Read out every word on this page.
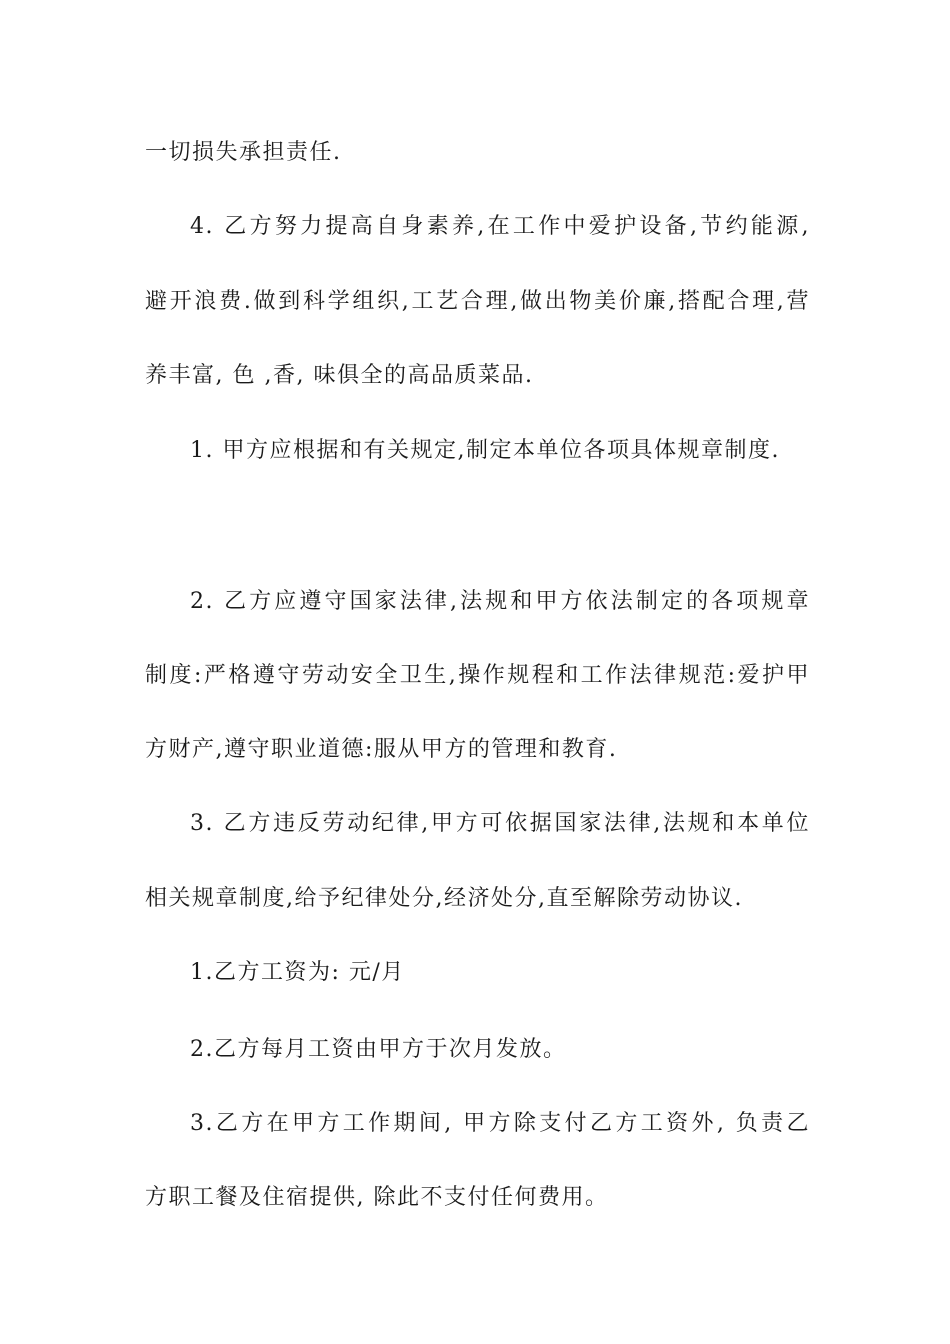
一切损失承担责任.
4. 乙方努力提高自身素养,在工作中爱护设备,节约能源,
避开浪费.做到科学组织,工艺合理,做出物美价廉,搭配合理,营
养丰富, 色 ,香, 味俱全的高品质菜品.
1. 甲方应根据和有关规定,制定本单位各项具体规章制度.
2. 乙方应遵守国家法律,法规和甲方依法制定的各项规章
制度:严格遵守劳动安全卫生,操作规程和工作法律规范:爱护甲
方财产,遵守职业道德:服从甲方的管理和教育.
3. 乙方违反劳动纪律,甲方可依据国家法律,法规和本单位
相关规章制度,给予纪律处分,经济处分,直至解除劳动协议.
1.乙方工资为: 元/月
2.乙方每月工资由甲方于次月发放。
3.乙方在甲方工作期间, 甲方除支付乙方工资外, 负责乙
方职工餐及住宿提供, 除此不支付任何费用。
